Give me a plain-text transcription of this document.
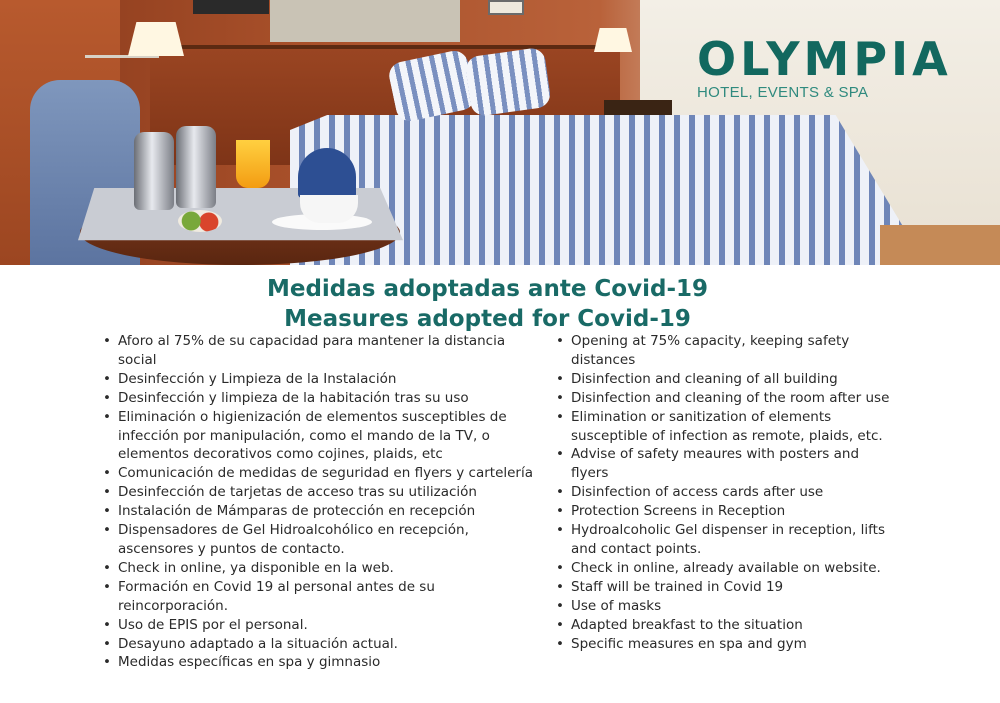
OLYMPIA
HOTEL, EVENTS & SPA
Medidas adoptadas ante Covid-19
Measures adopted for Covid-19
• Aforo al 75% de su capacidad para mantener la distancia social
• Desinfección y Limpieza de la Instalación
• Desinfección y limpieza de la habitación tras su uso
• Eliminación o higienización de elementos susceptibles de infección por manipulación, como el mando de la TV, o elementos decorativos como cojines, plaids, etc
• Comunicación de medidas de seguridad en flyers y cartelería
• Desinfección de tarjetas de acceso tras su utilización
• Instalación de Mámparas de protección en recepción
• Dispensadores de Gel Hidroalcohólico en recepción, ascensores y puntos de contacto.
• Check in online, ya disponible en la web.
• Formación en Covid 19 al personal antes de su reincorporación.
• Uso de EPIS por el personal.
• Desayuno adaptado a la situación actual.
• Medidas específicas en spa y gimnasio
• Opening at 75% capacity, keeping safety distances
• Disinfection and cleaning of all building
• Disinfection and cleaning of the room after use
• Elimination or sanitization of elements susceptible of infection as remote, plaids, etc.
• Advise of safety meaures with posters and flyers
• Disinfection of access cards after use
• Protection Screens in Reception
• Hydroalcoholic Gel dispenser in reception, lifts and contact points.
• Check in online, already available on website.
• Staff will be trained in Covid 19
• Use of masks
• Adapted breakfast to the situation
• Specific measures en spa and gym
